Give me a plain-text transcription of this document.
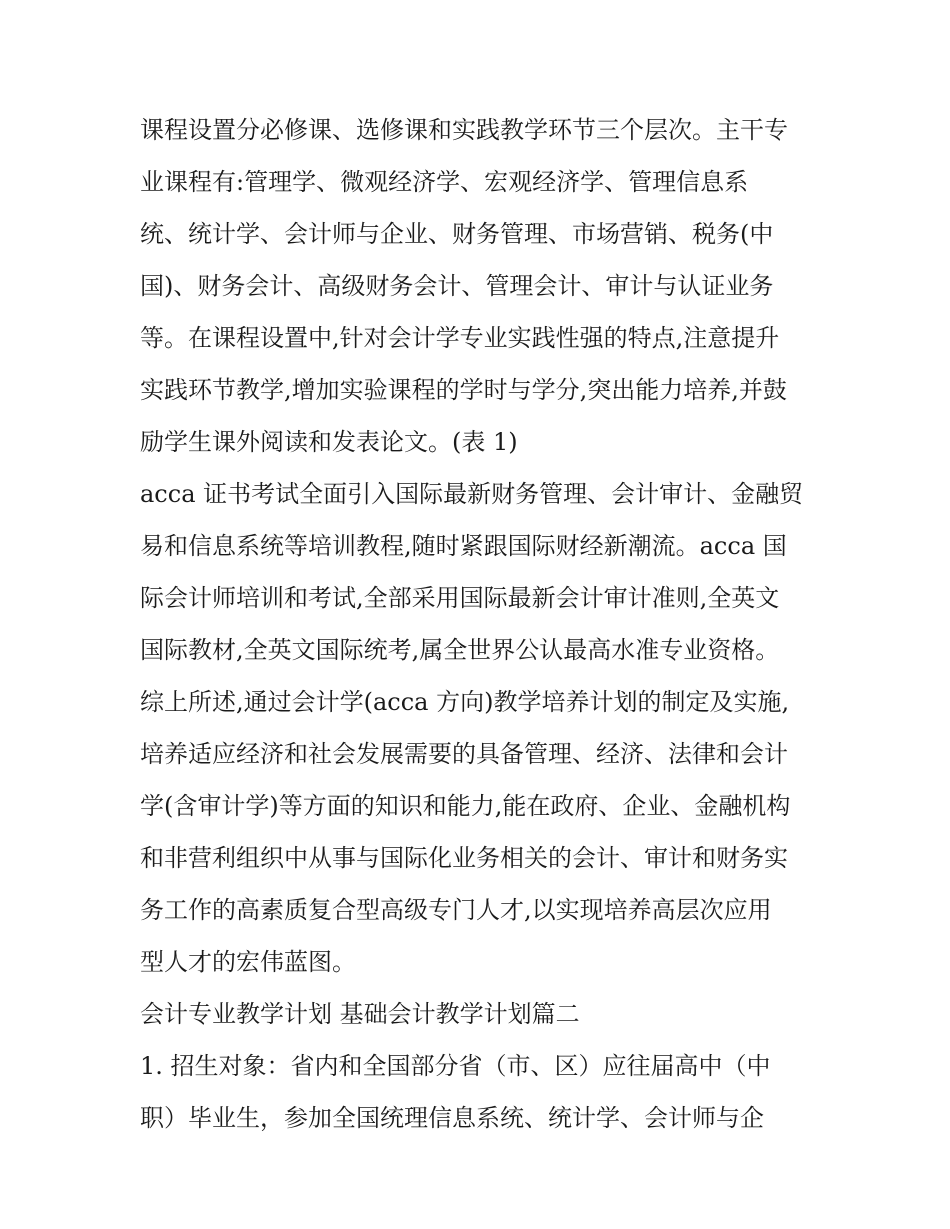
课程设置分必修课、选修课和实践教学环节三个层次。主干专
业课程有:管理学、微观经济学、宏观经济学、管理信息系
统、统计学、会计师与企业、财务管理、市场营销、税务(中
国)、财务会计、高级财务会计、管理会计、审计与认证业务
等。在课程设置中,针对会计学专业实践性强的特点,注意提升
实践环节教学,增加实验课程的学时与学分,突出能力培养,并鼓
励学生课外阅读和发表论文。(表 1)
acca 证书考试全面引入国际最新财务管理、会计审计、金融贸
易和信息系统等培训教程,随时紧跟国际财经新潮流。acca 国
际会计师培训和考试,全部采用国际最新会计审计准则,全英文
国际教材,全英文国际统考,属全世界公认最高水准专业资格。
综上所述,通过会计学(acca 方向)教学培养计划的制定及实施,
培养适应经济和社会发展需要的具备管理、经济、法律和会计
学(含审计学)等方面的知识和能力,能在政府、企业、金融机构
和非营利组织中从事与国际化业务相关的会计、审计和财务实
务工作的高素质复合型高级专门人才,以实现培养高层次应用
型人才的宏伟蓝图。
会计专业教学计划 基础会计教学计划篇二
1. 招生对象：省内和全国部分省（市、区）应往届高中（中
职）毕业生，参加全国统理信息系统、统计学、会计师与企
